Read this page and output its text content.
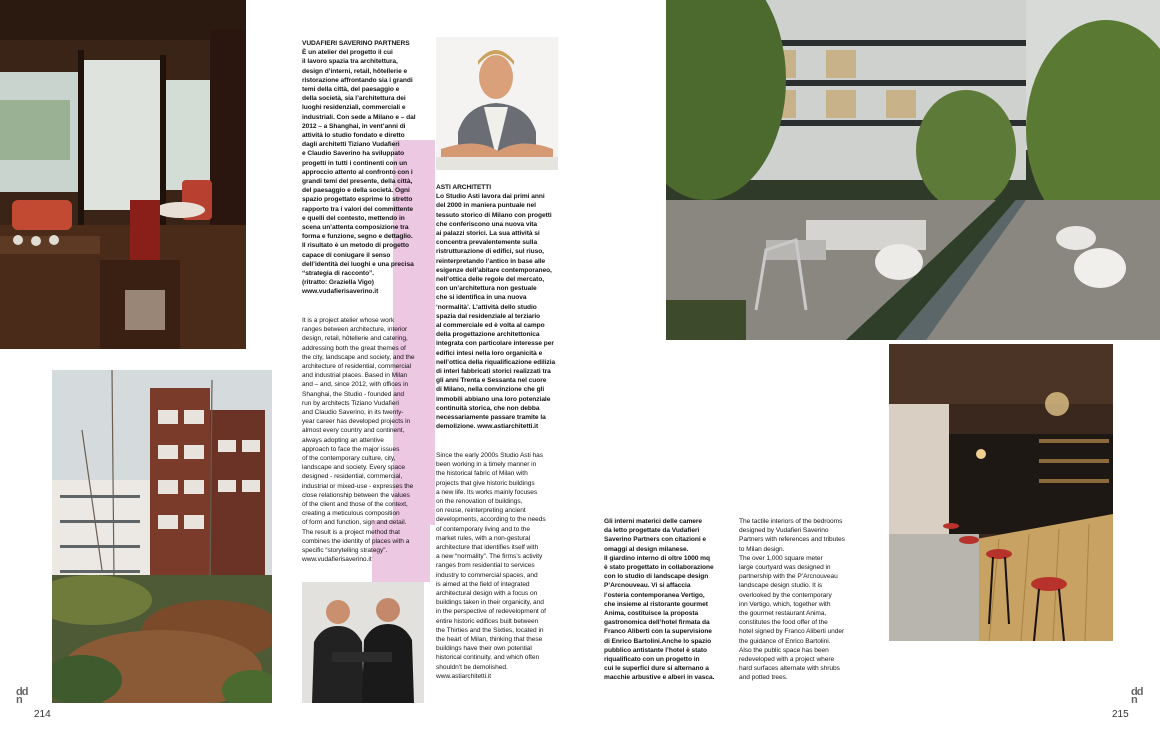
VUDAFIERI SAVERINO PARTNERS
È un atelier del progetto il cui
il lavoro spazia tra architettura,
design d’interni, retail, hôtellerie e
ristorazione affrontando sia i grandi
temi della città, del paesaggio e
della società, sia l’architettura dei
luoghi residenziali, commerciali e
industriali. Con sede a Milano e – dal
2012 – a Shanghai, in vent’anni di
attività lo studio fondato e diretto
dagli architetti Tiziano Vudafieri
e Claudio Saverino ha sviluppato
progetti in tutti i continenti con un
approccio attento al confronto con i
grandi temi del presente, della città,
del paesaggio e della società. Ogni
spazio progettato esprime lo stretto
rapporto tra i valori del committente
e quelli del contesto, mettendo in
scena un’attenta composizione tra
forma e funzione, segno e dettaglio.
Il risultato è un metodo di progetto
capace di coniugare il senso
dell’identità dei luoghi e una precisa
“strategia di racconto”.
(ritratto: Graziella Vigo)
www.vudafierisaverino.it

It is a project atelier whose work
ranges between architecture, interior
design, retail, hôtellerie and catering,
addressing both the great themes of
the city, landscape and society, and the
architecture of residential, commercial
and industrial places. Based in Milan
and – and, since 2012, with offices in
Shanghai, the Studio - founded and
run by architects Tiziano Vudafieri
and Claudio Saverino, in its twenty-
year career has developed projects in
almost every country and continent,
always adopting an attentive
approach to face the major issues
of the contemporary culture, city,
landscape and society. Every space
designed - residential, commercial,
industrial or mixed-use - expresses the
close relationship between the values
of the client and those of the context,
creating a meticulous composition
of form and function, sign and detail.
The result is a project method that
combines the identity of places with a
specific “storytelling strategy”.
www.vudafierisaverino.it

ASTI ARCHITETTI
Lo Studio Asti lavora dai primi anni
del 2000 in maniera puntuale nel
tessuto storico di Milano con progetti
che conferiscono una nuova vita
ai palazzi storici. La sua attività si
concentra prevalentemente sulla
ristrutturazione di edifici, sul riuso,
reinterpretando l’antico in base alle
esigenze dell’abitare contemporaneo,
nell’ottica delle regole del mercato,
con un’architettura non gestuale
che si identifica in una nuova
‘normalità’. L’attività dello studio
spazia dal residenziale al terziario
al commerciale ed è volta al campo
della progettazione architettonica
integrata con particolare interesse per
edifici intesi nella loro organicità e
nell’ottica della riqualificazione edilizia
di interi fabbricati storici realizzati tra
gli anni Trenta e Sessanta nel cuore
di Milano, nella convinzione che gli
immobili abbiano una loro potenziale
continuità storica, che non debba
necessariamente passare tramite la
demolizione. www.astiarchitetti.it

Since the early 2000s Studio Asti has
been working in a timely manner in
the historical fabric of Milan with
projects that give historic buildings
a new life. Its works mainly focuses
on the renovation of buildings,
on reuse, reinterpreting ancient
developments, according to the needs
of contemporary living and to the
market rules, with a non-gestural
architecture that identifies itself with
a new “normality”. The firms’s activity
ranges from residential to services
industry to commercial spaces, and
is aimed at the field of integrated
architectural design with a focus on
buildings taken in their organicity, and
in the perspective of redevelopment of
entire historic edifices built between
the Thirties and the Sixties, located in
the heart of Milan, thinking that these
buildings have their own potential
historical continuity, and which often
shouldn’t be demolished.
www.astiarchitetti.it

dd
n
214

Gli interni materici delle camere
da letto progettate da Vudafieri
Saverino Partners con citazioni e
omaggi al design milanese.
Il giardino interno di oltre 1000 mq
è stato progettato in collaborazione
con lo studio di landscape design
P’Arcnouveau. Vi si affaccia
l’osteria contemporanea Vertigo,
che insieme al ristorante gourmet
Anima, costituisce la proposta
gastronomica dell’hotel firmata da
Franco Aliberti con la supervisione
di Enrico Bartolini.Anche lo spazio
pubblico antistante l’hotel è stato
riqualificato con un progetto in
cui le superfici dure si alternano a
macchie arbustive e alberi in vasca.

The tactile interiors of the bedrooms
designed by Vudafieri Saverino
Partners with references and tributes
to Milan design.
The over 1,000 square meter
large courtyard was designed in
partnership with the P’Arcnouveau
landscape design studio. It is
overlooked by the contemporary
inn Vertigo, which, together with
the gourmet restaurant Anima,
constitutes the food offer of the
hotel signed by Franco Aliberti under
the guidance of Enrico Bartolini.
Also the public space has been
redeveloped with a project where
hard surfaces alternate with shrubs
and potted trees.

dd
n
215
